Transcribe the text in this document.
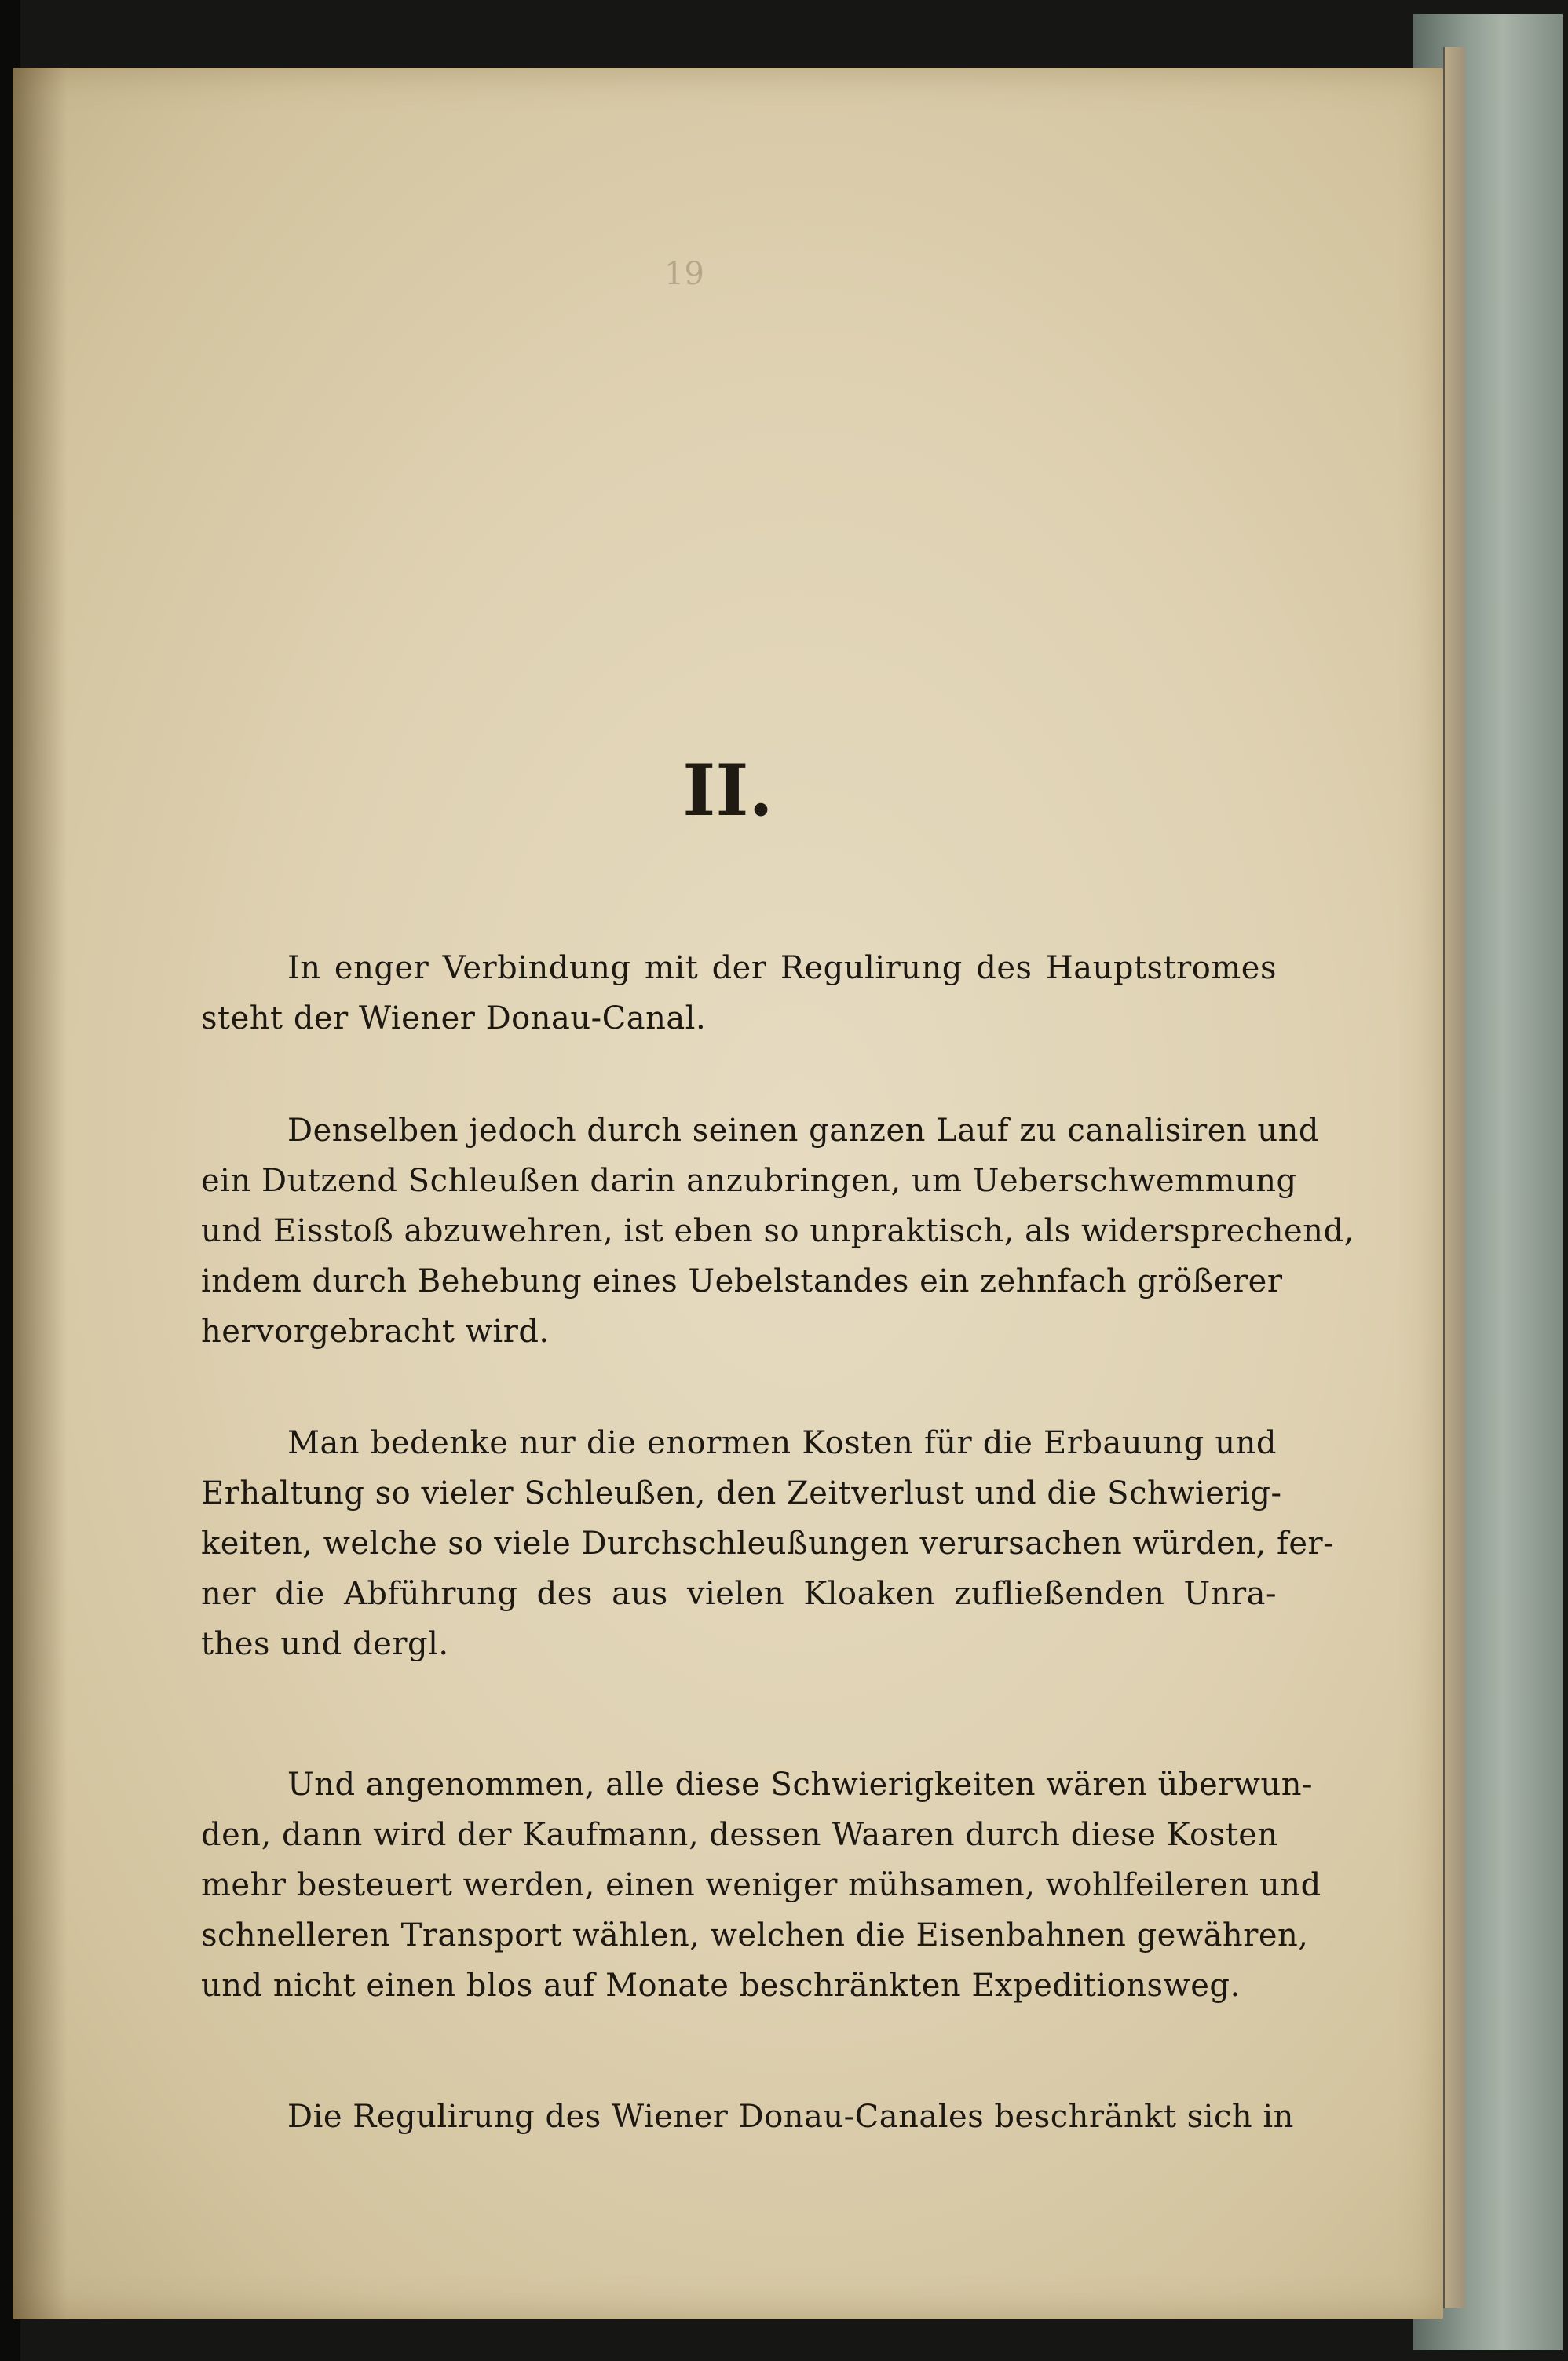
19
II.
In enger Verbindung mit der Regulirung des Hauptstromes
steht der Wiener Donau-Canal.
Denselben jedoch durch seinen ganzen Lauf zu canalisiren und
ein Dutzend Schleußen darin anzubringen, um Ueberschwemmung
und Eisstoß abzuwehren, ist eben so unpraktisch, als widersprechend,
indem durch Behebung eines Uebelstandes ein zehnfach größerer
hervorgebracht wird.
Man bedenke nur die enormen Kosten für die Erbauung und
Erhaltung so vieler Schleußen, den Zeitverlust und die Schwierig-
keiten, welche so viele Durchschleußungen verursachen würden, fer-
ner die Abführung des aus vielen Kloaken zufließenden Unra-
thes und dergl.
Und angenommen, alle diese Schwierigkeiten wären überwun-
den, dann wird der Kaufmann, dessen Waaren durch diese Kosten
mehr besteuert werden, einen weniger mühsamen, wohlfeileren und
schnelleren Transport wählen, welchen die Eisenbahnen gewähren,
und nicht einen blos auf Monate beschränkten Expeditionsweg.
Die Regulirung des Wiener Donau-Canales beschränkt sich in
